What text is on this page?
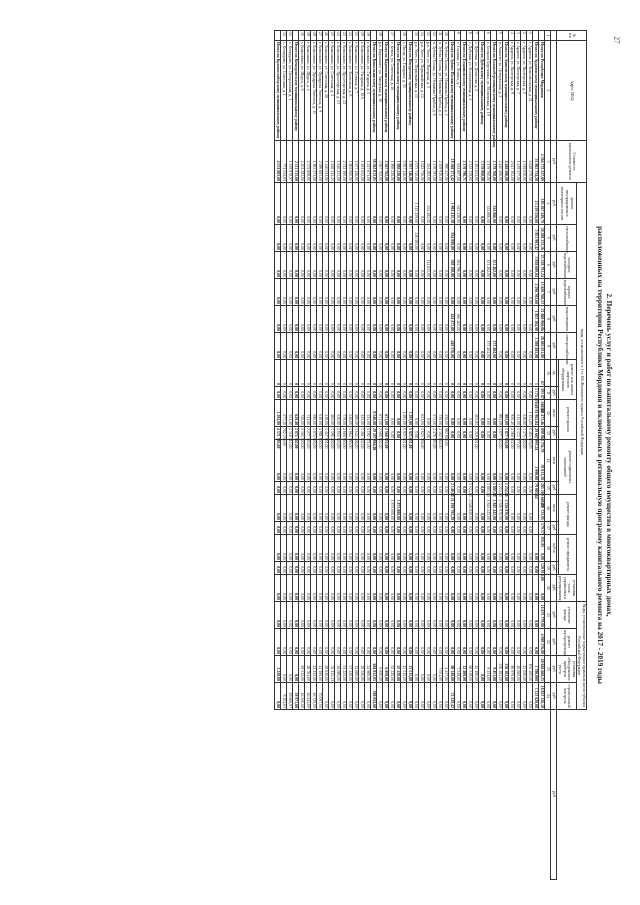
27
2. Перечень услуг и работ по капитальному ремонту общего имущества в многоквартирных домах,
расположенных на территории Республики Мордовия и включенных в региональную программу капитального ремонта на 2017 - 2019 годы
№ п/п	Адрес МКД	Стоимость капитального ремонта	виды, установленные ч.1 ст.166 Жилищного кодекса Российской Федерации																	Виды, установленные нормативным правовым актом субъекта Российской Федерации				
			ремонт внутридомовых инженерных систем	теплоснабжение	холодное водоснабжение	горячее водоснабжение	водоотведение	электроснабжение	ремонт или замена лифтового оборудования		ремонт крыши		ремонт подвальных помещений		ремонт фасада		ремонт фундамента		установка узлов управления и регулирования	утепление фасада	ремонт мусоропровода	установка общедомовых приборов учета	строительный контроль	

		руб.	руб.	руб.	руб.	руб.	руб.	руб.	ед.	руб.	кв.м	руб.	кв.м	руб.	кв.м	руб.	куб.м	руб.	руб.	руб.	руб.	руб.	руб.	руб.
1	2	3	4	5	6	7	8	9	10	11	12	13	14	15	16	17	18	19	20	21	22	23	24	
	Итого по Республике Мордовия	2 384 772 237,09	185 267 349,79	38 288 333,16	25 328 791,24	13 620 760,53	21 060 966,06	28 682 011,80	67	393 871 560,14	388 473,46	898 068 756,79	39 813,20	205 209 669,09	275 723,95	179 571 955,95	0,00	120 910,00	0,00	16 673 779,00	4 969 376,00	20 604 668,25	10 823 136,18	
	Итого по Ардатовскому муниципальному району	51 863 734,28	13 219 556,60	5 851 903,42	3 838 689,04	2 296 703,60	1 853 104,98	1 380 483,80	1	1 174 470,60	92 963,04	29 687 993,24	1 990,00	79 903,64			0,00	0,00	0,00	0,00	0,00	1 780,000	1 113 620,00	
1	г. Ардатов, ул. Комсомольская, д. 21	6 648 270,00	0,00	0,00	0,00	0,00	0,00	0,00	0	0,00	1 154,05	6 484 870,00	0,00	0,00	0,00	0,00	0,00	0,00	0,00	0,00	0,00	163 400,00	0,00	
2	г. Ардатов, ул. Пионерская, д. 5	1 519 050,00	0,00	0,00	0,00	0,00	0,00	0,00	0	0,00	548,80	1 475 400,00	0,00	0,00	0,00	0,00	0,00	0,00	0,00	0,00	0,00	43 650,00	0,00	
3	г. Ардатов, ул. Пионерская, д. 7	1 419 377,00	0,00	0,00	0,00	0,00	0,00	0,00	0	0,00	513,00	1 372 777,00	0,00	0,00	0,00	0,00	0,00	0,00	0,00	0,00	0,00	46 600,00	0,00	
4	г. Ардатов, ул. Пионерская, д. 9	2 647 102,00	0,00	0,00	0,00	0,00	0,00	0,00	0	0,00	950,40	2 560 132,00	0,00	0,00	0,00	0,00	0,00	0,00	0,00	0,00	0,00	86 970,00	0,00	
	Итого по Атяшевскому муниципальному району	4 440 206,00	0,00	0,00	0,00	0,00	0,00	0,00	0	0,00	883,09	1 877 054,00	0,00	1 254,00	2 326 970,00	0,00	0,00	0,00	0,00	0,00	0,00	236 182,00	0,00	
5	п. Атяшево, ул. Центральная, д. 2	4 440 206,00	0,00	0,00	0,00	0,00	0,00	0,00	0	0,00	883,09	1 877 054,00	0,00	1 254,00	2 326 970,00	0,00	0,00	0,00	0,00	0,00	0,00	236 182,00	0,00	
	Итого по Большеберезниковскому муниципальному району	2 179 760,00	324 866,00	0,00	151 462,00	0,00	0,00	173 404,00	0	0,00	0,00	0,00	0,00	1 803,00	1 845 443,00	0,00	0,00	0,00	0,00	0,00	0,00	9 451,00	0,00	
6	с. Большие Березники, ул. Московская, д. 19	2 179 760,00	324 866,00	0,00	151 462,00	0,00	0,00	173 404,00	0	0,00	0,00	0,00	0,00	1 803,00	1 845 443,00	0,00	0,00	0,00	0,00	0,00	0,00	9 451,00	0,00	
	Итого по Дубенскому муниципальному району	3 378 960,00	0,00	0,00	0,00	0,00	0,00	0,00	0	0,00	0,00	0,00	0,00	0,00	0,00	0,00	0,00	0,00	0,00	0,00	0,00	0,00	0,00	
7	с. Дубенки, ул. Денисова, д. 2	1 263 821,00	0,00	0,00	0,00	0,00	0,00	0,00	0	0,00	563,81	1 218 631,00	0,00	0,00	0,00	0,00	0,00	0,00	0,00	0,00	0,00	45 190,00	0,00	
8	с. Дубенки, ул. Кооперативная, д. 4	2 115 139,00	0,00	0,00	0,00	0,00	0,00	0,00	0	0,00	0,00	0,00	0,00	1 024,00	2 048 820,00	0,00	0,00	0,00	0,00	0,00	0,00	66 319,00	0,00	
	Итого по Ельниковскому муниципальному району	2 170 796,71	0,00	0,00	0,00	0,00	0,00	0,00	0	0,00	0,00	0,00	0,00	0,00	0,00	0,00	0,00	0,00	0,00	0,00	0,00	12 400,00	0,00	
9	с. Ельники, ул. Ленина, д. 7	652 807,00	645 258,00	0,00	284 796,00	0,00	360 462,00	0,00	0	0,00	0,00	0,00	0,00	0,00	0,00	0,00	0,00	0,00	0,00	0,00	0,00	7 549,00	0,00	
	Итого по Зубово-Полянскому муниципальному району	19 360 371,42	1 992 415,30	934 898,00	389 189,00	0,00	424 471,00	448 376,00	0	0,00	0,00	0,00	0,00	2 140,00	11 199 792,28	0,00	0,00	0,00	0,00	0,00	0,00	98 148,00	72 229,42	
10	п. Зубова Поляна, ул. Новикова-Прибоя, д. 2	990 237,00	0,00	0,00	0,00	0,00	0,00	0,00	0	0,00	350,00	985 800,00	0,00	0,00	0,00	0,00	0,00	0,00	0,00	0,00	0,00	4 437,00	0,00	
11	п. Зубова Поляна, ул. Новикова-Прибоя, д. 4	2 309 915,00	0,00	0,00	0,00	0,00	0,00	0,00	0	0,00	736,00	2 302 864,00	0,00	0,00	0,00	0,00	0,00	0,00	0,00	0,00	0,00	7 051,00	0,00	
12	п. Зубова Поляна, ул. Новикова-Прибоя, д. 6	1 478 793,00	0,00	0,00	0,00	0,00	0,00	0,00	0	0,00	272,00	1 478 793,00	0,00	0,00	0,00	0,00	0,00	0,00	0,00	0,00	0,00	0,00	0,00	
13	р.п. Умет, ул. Нагорная, д. 5	254 282,00	254 282,00	0,00	114 843,00	0,00	0,00	0,00	0	0,00	0,00	0,00	0,00	0,00	0,00	0,00	0,00	0,00	0,00	0,00	0,00	0,00	0,00	
14	р.п. Умет, ул. Первомайская, д. 12	1 623 756,00	0,00	0,00	0,00	0,00	0,00	0,00	0	0,00	621,00	1 623 756,00	0,00	0,00	0,00	0,00	0,00	0,00	0,00	0,00	0,00	0,00	0,00	
15	р.п. Умет, ул. Первомайская, д. 15	2 073 745,00	1 113 159,00	410 583,00	0,00	0,00	0,00	0,00	0	0,00	0,00	0,00	0,00	0,00	0,00	0,00	0,00	0,00	0,00	0,00	0,00	0,00	0,00	
	Итого по Инсарскому муниципальному району	5 937 146,00	0,00	0,00	0,00	0,00	0,00	0,00	0	0,00	1 293,00	5 923 631,00	0,00	0,00	0,00	0,00	0,00	0,00	0,00	0,00	0,00	13 515,00	0,00	
16	г. Инсар, ул. Гагарина, д. 15	5 937 146,00	0,00	0,00	0,00	0,00	0,00	0,00	0	0,00	1 293,00	5 923 631,00	0,00	0,00	0,00	0,00	0,00	0,00	0,00	0,00	0,00	13 515,00	0,00	
	Итого по Ичалковскому муниципальному району	1 908 220,00	0,00	0,00	0,00	0,00	0,00	0,00	0	0,00	0,00	0,00	0,00	0,00	1 873 000,00	0,00	0,00	0,00	0,00	0,00	0,00	35 220,00	0,00	
17	с. Кемля, ул. Советская, д. 46	1 908 220,00	0,00	0,00	0,00	0,00	0,00	0,00	0	0,00	0,00	0,00	0,00	0,00	1 873 000,00	0,00	0,00	0,00	0,00	0,00	0,00	35 220,00	0,00	
	Итого по Кадошкинскому муниципальному району	2 567 702,00	0,00	0,00	0,00	0,00	0,00	0,00	0	0,00	671,00	2 560 852,00	0,00	0,00	0,00	0,00	0,00	0,00	0,00	0,00	0,00	6 850,00	0,00	
18	р.п. Кадошкино, ул. Заводская, д. 18	2 567 702,00	0,00	0,00	0,00	0,00	0,00	0,00	0	0,00	671,00	2 560 852,00	0,00	0,00	0,00	0,00	0,00	0,00	0,00	0,00	0,00	6 850,00	0,00	
	Итого по Ковылкинскому муниципальному району	30 362 012,05	0,00	0,00	0,00	0,00	0,00	0,00	0	0,00	8 540,00	29 297 966,00	0,00	0,00	0,00	0,00	0,00	0,00	0,00	0,00	0,00	684 012,05	380 034,00	
19	г. Ковылкино, ул. Гагарина, д. 5	1 217 671,00	0,00	0,00	0,00	0,00	0,00	0,00	0	0,00	355,00	1 192 771,00	0,00	0,00	0,00	0,00	0,00	0,00	0,00	0,00	0,00	24 900,00	0,00	
20	г. Ковылкино, ул. Гагарина, д. 10А	1 491 052,00	0,00	0,00	0,00	0,00	0,00	0,00	0	0,00	445,00	1 461 532,00	0,00	0,00	0,00	0,00	0,00	0,00	0,00	0,00	0,00	29 520,00	0,00	
21	г. Ковылкино, ул. Есенина, д. 7	1 677 126,00	0,00	0,00	0,00	0,00	0,00	0,00	0	0,00	480,00	1 644 446,00	0,00	0,00	0,00	0,00	0,00	0,00	0,00	0,00	0,00	32 680,00	0,00	
22	г. Ковылкино, ул. Колхозная, д. 8	1 902 000,00	0,00	0,00	0,00	0,00	0,00	0,00	0	0,00	546,00	1 864 580,00	0,00	0,00	0,00	0,00	0,00	0,00	0,00	0,00	0,00	37 420,00	0,00	
23	г. Ковылкино, ул. Пролетарская, д. 22	2 712 185,00	0,00	0,00	0,00	0,00	0,00	0,00	0	0,00	779,00	2 660 960,00	0,00	0,00	0,00	0,00	0,00	0,00	0,00	0,00	0,00	51 225,00	0,00	
24	г. Ковылкино, ул. Пролетарская, д. 41	1 846 223,00	0,00	0,00	0,00	0,00	0,00	0,00	0	0,00	520,00	1 810 143,00	0,00	0,00	0,00	0,00	0,00	0,00	0,00	0,00	0,00	36 080,00	0,00	
25	г. Ковылкино, ул. Советская, д. 4	1 628 314,41	0,00	0,00	0,00	0,00	0,00	0,00	0	0,00	465,00	1 596 200,00	0,00	0,00	0,00	0,00	0,00	0,00	0,00	0,00	0,00	32 114,41	0,00	
26	г. Ковылкино, ул. Советская, д. 26	1 446 511,00	0,00	0,00	0,00	0,00	0,00	0,00	0	0,00	418,00	1 417 901,00	0,00	0,00	0,00	0,00	0,00	0,00	0,00	0,00	0,00	28 610,00	0,00	
27	г. Ковылкино, ул. Фридриха Энгельса, д. 9	2 096 003,00	0,00	0,00	0,00	0,00	0,00	0,00	0	0,00	610,00	1 981 800,00	0,00	0,00	0,00	0,00	0,00	0,00	0,00	0,00	0,00	44 106,00	70 097,00	
28	г. Ковылкино, ул. Фридриха Энгельса, д. 11	1 963 571,00	0,00	0,00	0,00	0,00	0,00	0,00	0	0,00	590,00	1 874 600,00	0,00	0,00	0,00	0,00	0,00	0,00	0,00	0,00	0,00	42 242,00	46 729,00	
29	г. Ковылкино, ул. Щорса, д. 4	2 372 808,00	0,00	0,00	0,00	0,00	0,00	0,00	0	0,00	711,00	2 277 503,00	0,00	0,00	0,00	0,00	0,00	0,00	0,00	0,00	0,00	48 761,00	46 544,00	
30	г. Ковылкино, ул. Щорса, д. 6	2 401 582,00	0,00	0,00	0,00	0,00	0,00	0,00	0	0,00	720,00	2 305 720,00	0,00	0,00	0,00	0,00	0,00	0,00	0,00	0,00	0,00	49 312,00	46 550,00	
	Итого по Кочкуровскому муниципальному району	2 111 513,60	0,00	0,00	0,00	0,00	0,00	0,00	0	0,00	628,40	2 072 542,00	0,00	0,00	0,00	0,00	0,00	0,00	0,00	0,00	0,00	0,00	38 971,60	
31	с. Кочкурово, ул. Центральная, д. 1	1 339 978,97	0,00	0,00	0,00	0,00	0,00	0,00	0	0,00	351,20	1 310 312,00	0,00	0,00	0,00	0,00	0,00	0,00	0,00	0,00	0,00	0,00	29 666,97	
32	с. Кочкурово, ул. Советская, д. 1	771 534,63	0,00	0,00	0,00	0,00	0,00	0,00	0	0,00	277,20	762 230,00	0,00	0,00	0,00	0,00	0,00	0,00	0,00	0,00	0,00	0,00	9 304,63	
	Итого по Краснослободскому муниципальному району	4 574 803,00	0,00	0,00	0,00	0,00	0,00	0,00	0	0,00	1 394,00	4 571 583,00	0,00	0,00	0,00	0,00	0,00	0,00	0,00	0,00	0,00	3 220,00	0,00	
